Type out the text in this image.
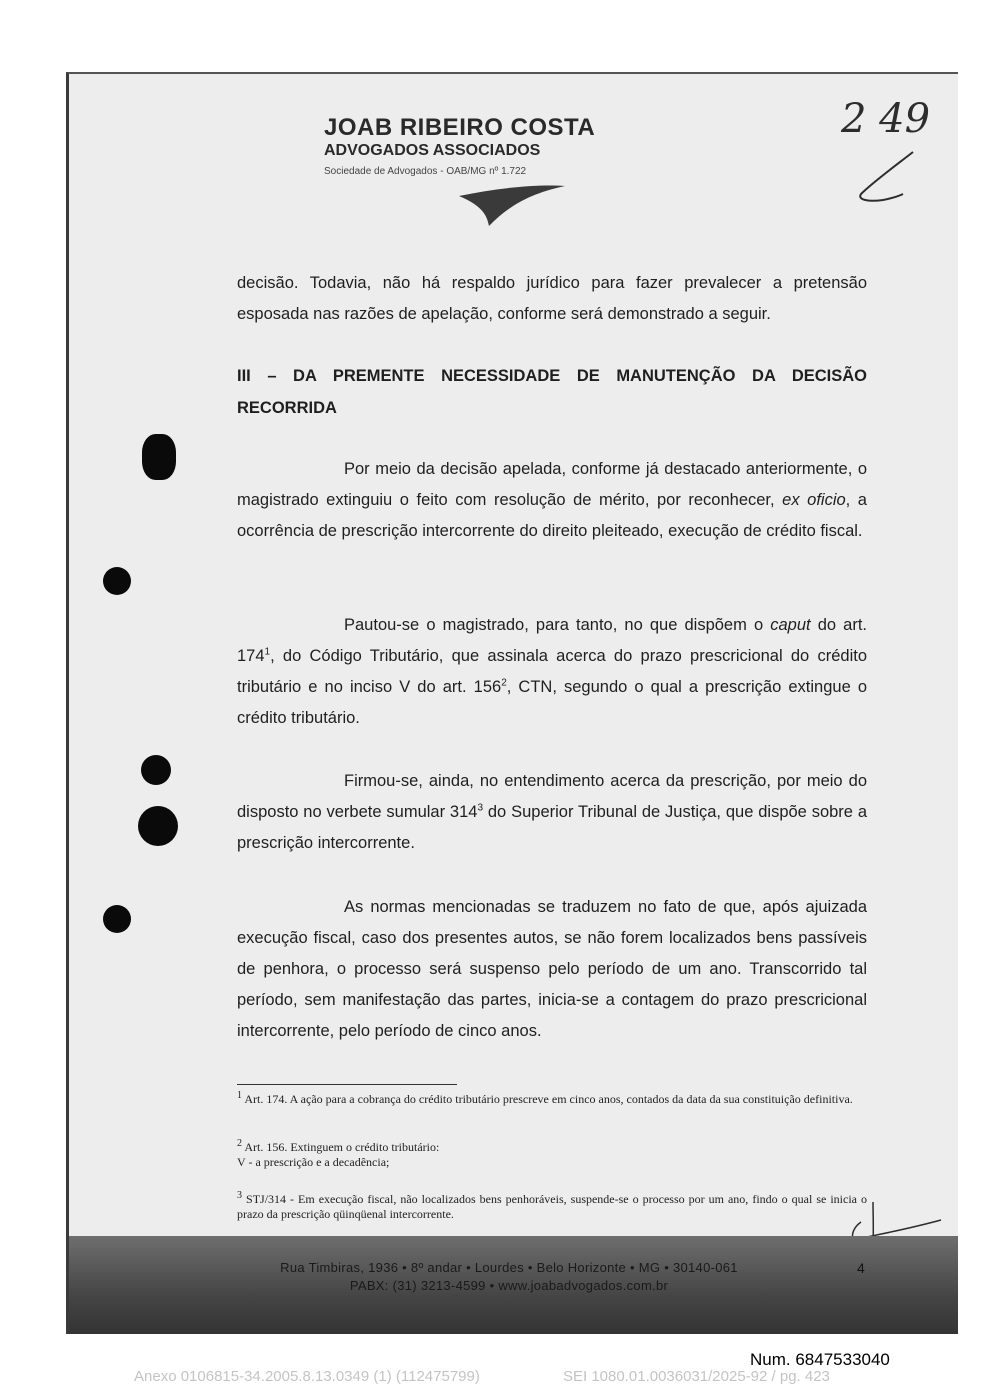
JOAB RIBEIRO COSTA
ADVOGADOS ASSOCIADOS
Sociedade de Advogados - OAB/MG nº 1.722
2 49
decisão. Todavia, não há respaldo jurídico para fazer prevalecer a pretensão esposada nas razões de apelação, conforme será demonstrado a seguir.
III – DA PREMENTE NECESSIDADE DE MANUTENÇÃO DA DECISÃO RECORRIDA
Por meio da decisão apelada, conforme já destacado anteriormente, o magistrado extinguiu o feito com resolução de mérito, por reconhecer, ex oficio, a ocorrência de prescrição intercorrente do direito pleiteado, execução de crédito fiscal.
Pautou-se o magistrado, para tanto, no que dispõem o caput do art. $174^1$, do Código Tributário, que assinala acerca do prazo prescricional do crédito tributário e no inciso V do art. $156^2$, CTN, segundo o qual a prescrição extingue o crédito tributário.
Firmou-se, ainda, no entendimento acerca da prescrição, por meio do disposto no verbete sumular $314^3$ do Superior Tribunal de Justiça, que dispõe sobre a prescrição intercorrente.
As normas mencionadas se traduzem no fato de que, após ajuizada execução fiscal, caso dos presentes autos, se não forem localizados bens passíveis de penhora, o processo será suspenso pelo período de um ano. Transcorrido tal período, sem manifestação das partes, inicia-se a contagem do prazo prescricional intercorrente, pelo período de cinco anos.
$^1$ Art. 174. A ação para a cobrança do crédito tributário prescreve em cinco anos, contados da data da sua constituição definitiva.
$^2$ Art. 156. Extinguem o crédito tributário:
V - a prescrição e a decadência;
$^3$ STJ/314 - Em execução fiscal, não localizados bens penhoráveis, suspende-se o processo por um ano, findo o qual se inicia o prazo da prescrição qüinqüenal intercorrente.
Rua Timbiras, 1936 • 8º andar • Lourdes • Belo Horizonte • MG • 30140-061
PABX: (31) 3213-4599 • www.joabadvogados.com.br
4
Num. 6847533040
Anexo 0106815-34.2005.8.13.0349 (1) (112475799)	SEI 1080.01.0036031/2025-92 / pg. 423
